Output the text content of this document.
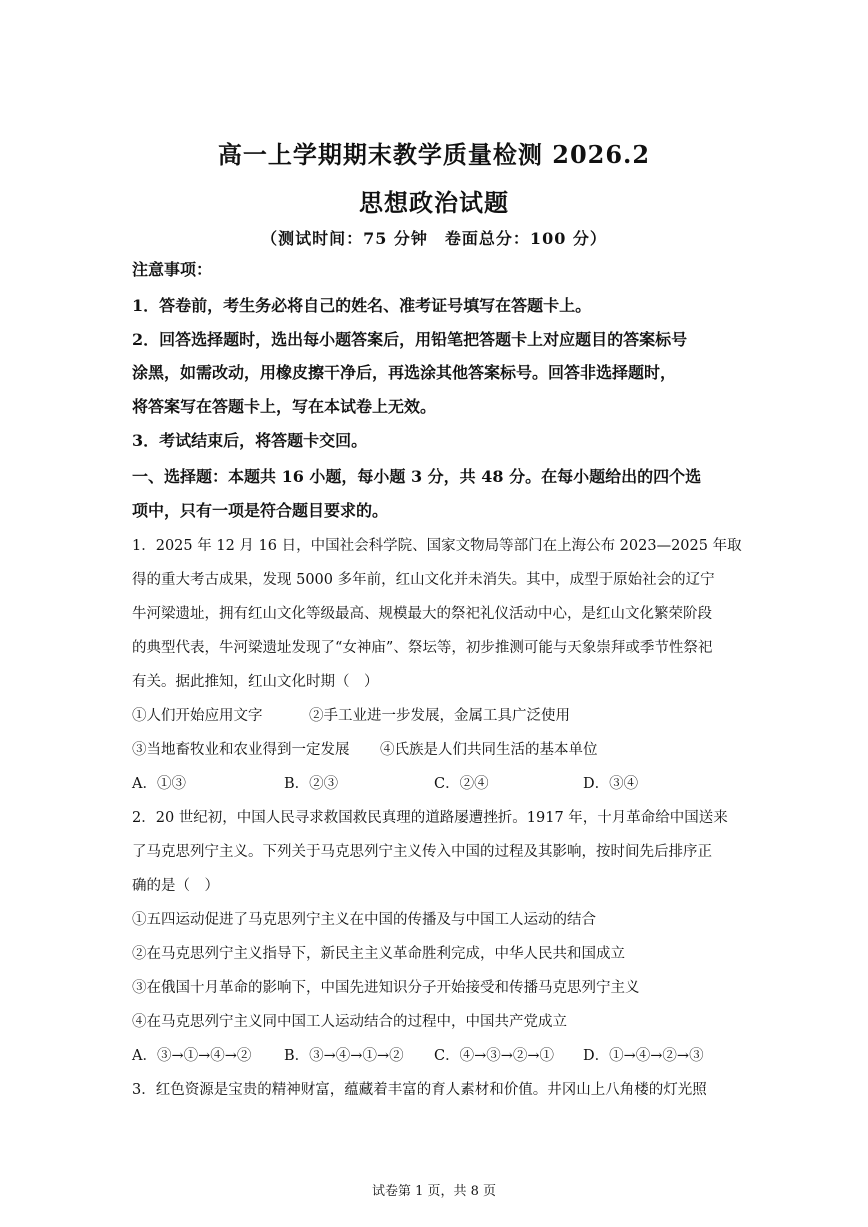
高一上学期期末教学质量检测 2026.2
思想政治试题
（测试时间：75 分钟　卷面总分：100 分）
注意事项：
1．答卷前，考生务必将自己的姓名、准考证号填写在答题卡上。
2．回答选择题时，选出每小题答案后，用铅笔把答题卡上对应题目的答案标号
涂黑，如需改动，用橡皮擦干净后，再选涂其他答案标号。回答非选择题时，
将答案写在答题卡上，写在本试卷上无效。
3．考试结束后，将答题卡交回。
一、选择题：本题共 16 小题，每小题 3 分，共 48 分。在每小题给出的四个选
项中，只有一项是符合题目要求的。
1．2025 年 12 月 16 日，中国社会科学院、国家文物局等部门在上海公布 2023—2025 年取
得的重大考古成果，发现 5000 多年前，红山文化并未消失。其中，成型于原始社会的辽宁
牛河梁遗址，拥有红山文化等级最高、规模最大的祭祀礼仪活动中心，是红山文化繁荣阶段
的典型代表，牛河梁遗址发现了“女神庙”、祭坛等，初步推测可能与天象崇拜或季节性祭祀
有关。据此推知，红山文化时期（　）
①人们开始应用文字	②手工业进一步发展，金属工具广泛使用
③当地畜牧业和农业得到一定发展 ④氏族是人们共同生活的基本单位
A．①③	B．②③	C．②④	D．③④
2．20 世纪初，中国人民寻求救国救民真理的道路屡遭挫折。1917 年，十月革命给中国送来
了马克思列宁主义。下列关于马克思列宁主义传入中国的过程及其影响，按时间先后排序正
确的是（　）
①五四运动促进了马克思列宁主义在中国的传播及与中国工人运动的结合
②在马克思列宁主义指导下，新民主主义革命胜利完成，中华人民共和国成立
③在俄国十月革命的影响下，中国先进知识分子开始接受和传播马克思列宁主义
④在马克思列宁主义同中国工人运动结合的过程中，中国共产党成立
A．③→①→④→② B．③→④→①→② C．④→③→②→① D．①→④→②→③
3．红色资源是宝贵的精神财富，蕴藏着丰富的育人素材和价值。井冈山上八角楼的灯光照
试卷第 1 页，共 8 页
